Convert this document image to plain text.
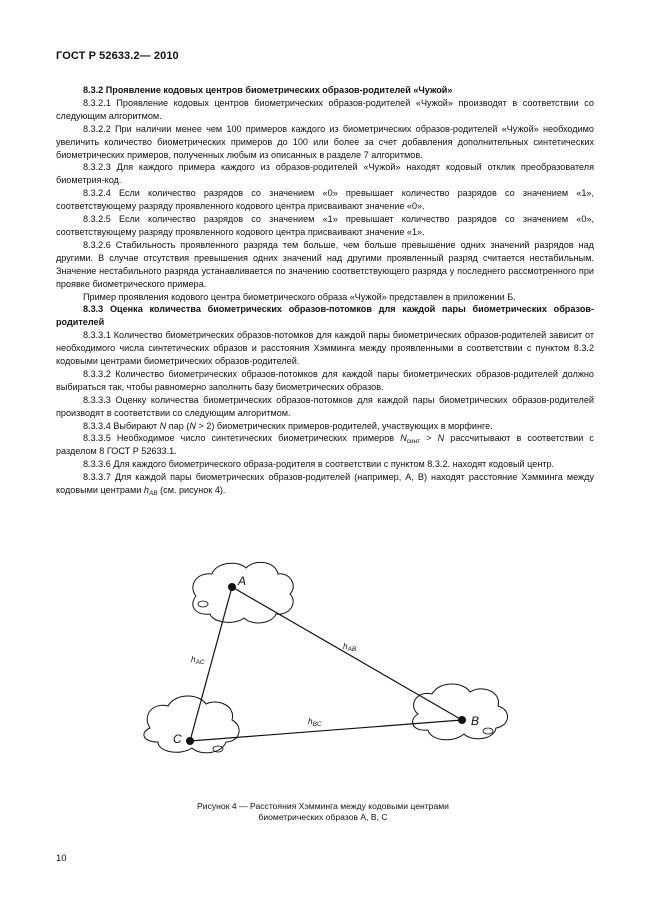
ГОСТ Р 52633.2— 2010

8.3.2 Проявление кодовых центров биометрических образов-родителей «Чужой»

8.3.2.1 Проявление кодовых центров биометрических образов-родителей «Чужой» производят в соответствии со следующим алгоритмом.

8.3.2.2 При наличии менее чем 100 примеров каждого из биометрических образов-родителей «Чужой» необходимо увеличить количество биометрических примеров до 100 или более за счет добавления дополнительных синтетических биометрических примеров, полученных любым из описанных в разделе 7 алгоритмов.

8.3.2.3 Для каждого примера каждого из образов-родителей «Чужой» находят кодовый отклик преобразователя биометрия-код.

8.3.2.4 Если количество разрядов со значением «0» превышает количество разрядов со значением «1», соответствующему разряду проявленного кодового центра присваивают значение «0».

8.3.2.5 Если количество разрядов со значением «1» превышает количество разрядов со значением «0», соответствующему разряду проявленного кодового центра присваивают значение «1».

8.3.2.6 Стабильность проявленного разряда тем больше, чем больше превышение одних значений разрядов над другими. В случае отсутствия превышения одних значений над другими проявленный разряд считается нестабильным. Значение нестабильного разряда устанавливается по значению соответствующего разряда у последнего рассмотренного при проявке биометрического примера.

Пример проявления кодового центра биометрического образа «Чужой» представлен в приложении Б.

8.3.3 Оценка количества биометрических образов-потомков для каждой пары биометрических образов-родителей

8.3.3.1 Количество биометрических образов-потомков для каждой пары биометрических образов-родителей зависит от необходимого числа синтетических образов и расстояния Хэмминга между проявленными в соответствии с пунктом 8.3.2 кодовыми центрами биометрических образов-родителей.

8.3.3.2 Количество биометрических образов-потомков для каждой пары биометрических образов-родителей должно выбираться так, чтобы равномерно заполнить базу биометрических образов.

8.3.3.3 Оценку количества биометрических образов-потомков для каждой пары биометрических образов-родителей производят в соответствии со следующим алгоритмом.

8.3.3.4 Выбирают N пар (N > 2) биометрических примеров-родителей, участвующих в морфинге.

8.3.3.5 Необходимое число синтетических биометрических примеров $N_{синт} > N$ рассчитывают в соответствии с разделом 8 ГОСТ Р 52633.1.

8.3.3.6 Для каждого биометрического образа-родителя в соответствии с пунктом 8.3.2. находят кодовый центр.

8.3.3.7 Для каждой пары биометрических образов-родителей (например, А, В) находят расстояние Хэмминга между кодовыми центрами $h_{AB}$ (см. рисунок 4).

A
B
C
$h_{AB}$
$h_{AC}$
$h_{BC}$
Рисунок 4 — Расстояния Хэмминга между кодовыми центрами
биометрических образов А, В, С
10
